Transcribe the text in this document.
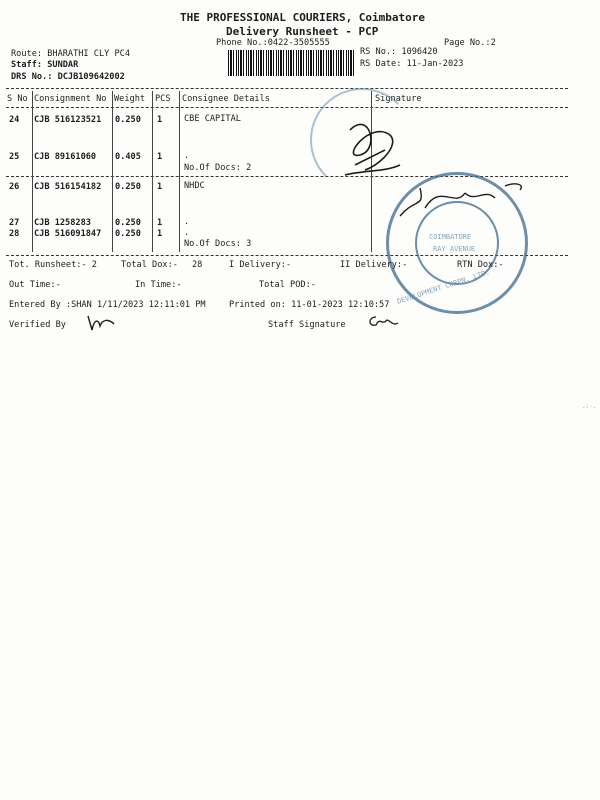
THE PROFESSIONAL COURIERS, Coimbatore
Delivery Runsheet - PCP
Phone No.:0422-3505555	Page No.:2
Route: BHARATHI CLY PC4
Staff: SUNDAR
DRS No.: DCJB109642002
RS No.: 1096420
RS Date: 11-Jan-2023
S No Consignment No Weight PCS Consignee Details	Signature
24 CJB 516123521 0.250 1	CBE CAPITAL
25 CJB 89161060 0.405 1	.
No.Of Docs: 2
26 CJB 516154182 0.250 1	NHDC
27 CJB 1258283	0.250 1	.
28 CJB 516091847 0.250 1	.
No.Of Docs: 3
DEVELOPMENT CORPN. LTD.
COIMBATORE
RAY AVENUE
Tot. Runsheet:- 2	Total Dox:- 28	I Delivery:-	II Delivery:-	RTN Dox:-
Out Time:-	In Time:-	Total POD:-
Entered By :SHAN 1/11/2023 12:11:01 PM	Printed on: 11-01-2023 12:10:57
Verified By	Staff Signature
.:·.
